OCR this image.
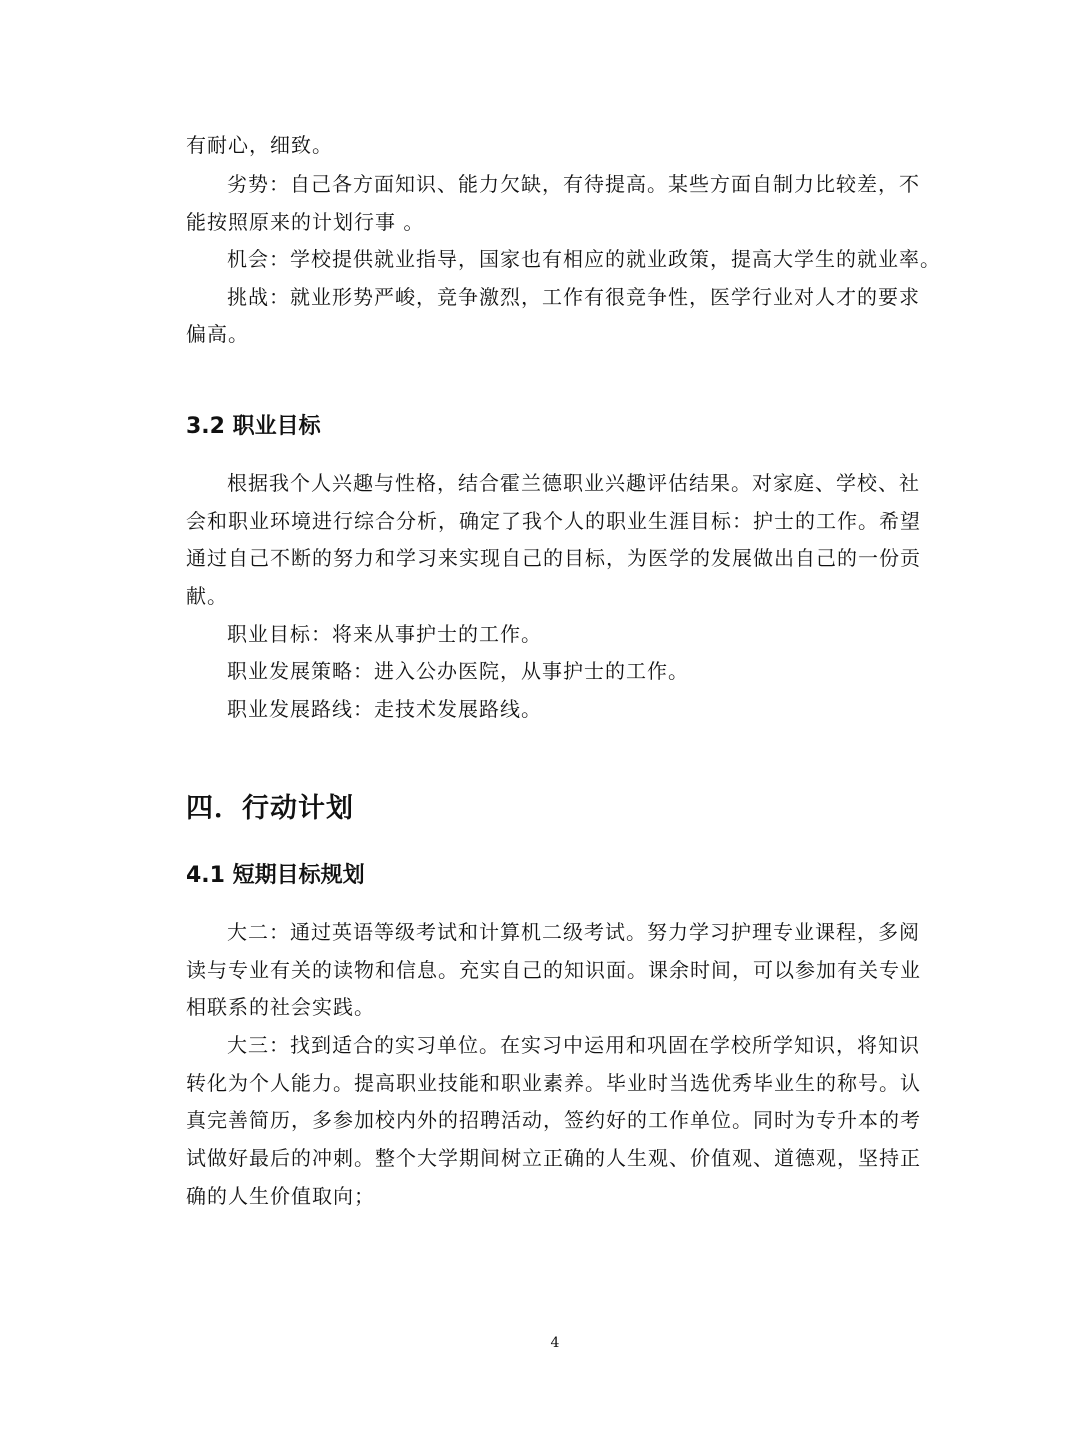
有耐心，细致。
劣势：自己各方面知识、能力欠缺，有待提高。某些方面自制力比较差，不
能按照原来的计划行事 。
机会：学校提供就业指导，国家也有相应的就业政策，提高大学生的就业率。
挑战：就业形势严峻，竞争激烈，工作有很竞争性，医学行业对人才的要求
偏高。
3.2 职业目标
根据我个人兴趣与性格，结合霍兰德职业兴趣评估结果。对家庭、学校、社
会和职业环境进行综合分析，确定了我个人的职业生涯目标：护士的工作。希望
通过自己不断的努力和学习来实现自己的目标，为医学的发展做出自己的一份贡
献。
职业目标：将来从事护士的工作。
职业发展策略：进入公办医院，从事护士的工作。
职业发展路线：走技术发展路线。
四．行动计划
4.1 短期目标规划
大二：通过英语等级考试和计算机二级考试。努力学习护理专业课程，多阅
读与专业有关的读物和信息。充实自己的知识面。课余时间，可以参加有关专业
相联系的社会实践。
大三：找到适合的实习单位。在实习中运用和巩固在学校所学知识，将知识
转化为个人能力。提高职业技能和职业素养。毕业时当选优秀毕业生的称号。认
真完善简历，多参加校内外的招聘活动，签约好的工作单位。同时为专升本的考
试做好最后的冲刺。整个大学期间树立正确的人生观、价值观、道德观，坚持正
确的人生价值取向；
4
